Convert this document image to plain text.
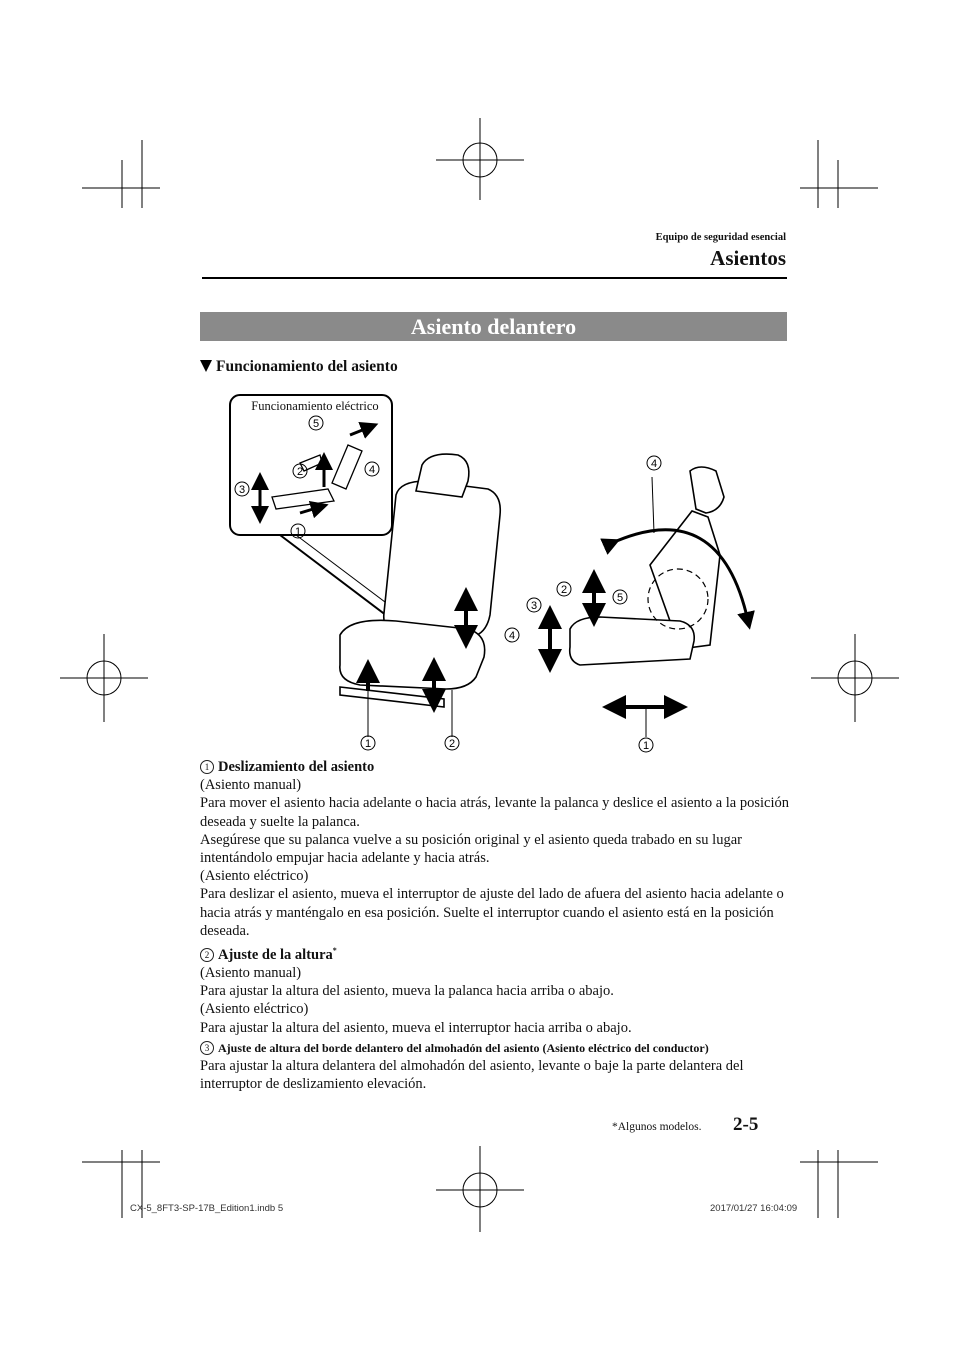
Equipo de seguridad esencial
Asientos
Asiento delantero
Funcionamiento del asiento
5
2
3
4
1
4
3
4
2
5
1	2	1
Funcionamiento eléctrico

1 Deslizamiento del asiento

(Asiento manual)

Para mover el asiento hacia adelante o hacia atrás, levante la palanca y deslice el asiento a la posición deseada y suelte la palanca.

Asegúrese que su palanca vuelve a su posición original y el asiento queda trabado en su lugar intentándolo empujar hacia adelante y hacia atrás.

(Asiento eléctrico)

Para deslizar el asiento, mueva el interruptor de ajuste del lado de afuera del asiento hacia adelante o hacia atrás y manténgalo en esa posición. Suelte el interruptor cuando el asiento está en la posición deseada.

2 Ajuste de la altura*

(Asiento manual)

Para ajustar la altura del asiento, mueva la palanca hacia arriba o abajo.

(Asiento eléctrico)

Para ajustar la altura del asiento, mueva el interruptor hacia arriba o abajo.

3 Ajuste de altura del borde delantero del almohadón del asiento (Asiento eléctrico del conductor)

Para ajustar la altura delantera del almohadón del asiento, levante o baje la parte delantera del interruptor de deslizamiento elevación.

*Algunos modelos. 2-5
CX-5_8FT3-SP-17B_Edition1.indb 5	2017/01/27 16:04:09
